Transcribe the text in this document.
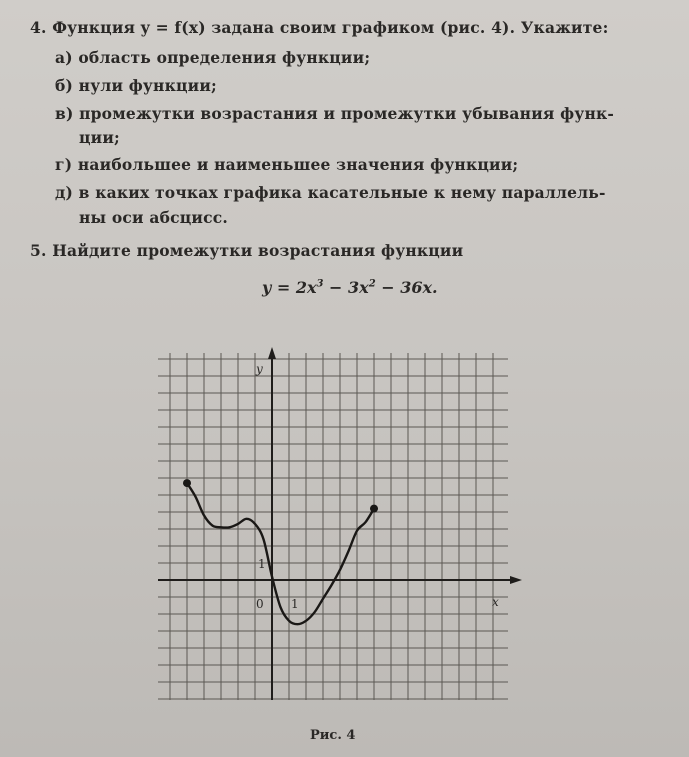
4. Функция y = f(x) задана своим графиком (рис. 4). Укажите:
а) область определения функции;
б) нули функции;
в) промежутки возрастания и промежутки убывания функ-
ции;
г) наибольшее и наименьшее значения функции;
д) в каких точках графика касательные к нему параллель-
ны оси абсцисс.
5. Найдите промежутки возрастания функции
$y = 2x^3 - 3x^2 - 36x$.
y
x
0 1
1
Рис. 4
